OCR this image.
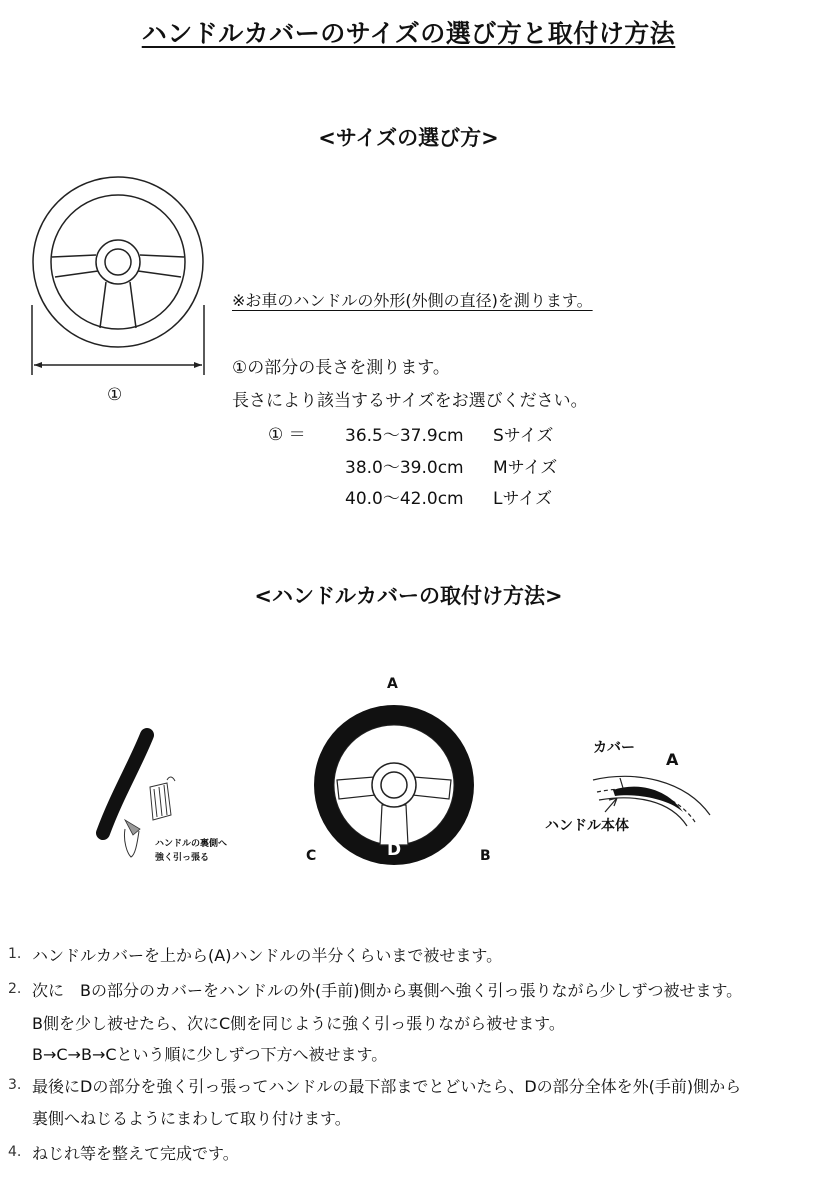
ハンドルカバーのサイズの選び方と取付け方法
<サイズの選び方>
①
※お車のハンドルの外形(外側の直径)を測ります。
①の部分の長さを測ります。
長さにより該当するサイズをお選びください。
① ＝ 36.5～37.9cm Sサイズ
38.0～39.0cm Mサイズ
40.0～42.0cm Lサイズ
<ハンドルカバーの取付け方法>
ハンドルの裏側へ
強く引っ張る
A
B
C	D
カバー
A
ハンドル本体
1. ハンドルカバーを上から(A)ハンドルの半分くらいまで被せます。
2. 次に　Bの部分のカバーをハンドルの外(手前)側から裏側へ強く引っ張りながら少しずつ被せます。
B側を少し被せたら、次にC側を同じように強く引っ張りながら被せます。
B→C→B→Cという順に少しずつ下方へ被せます。
3. 最後にDの部分を強く引っ張ってハンドルの最下部までとどいたら、Dの部分全体を外(手前)側から
裏側へねじるようにまわして取り付けます。
4. ねじれ等を整えて完成です。
